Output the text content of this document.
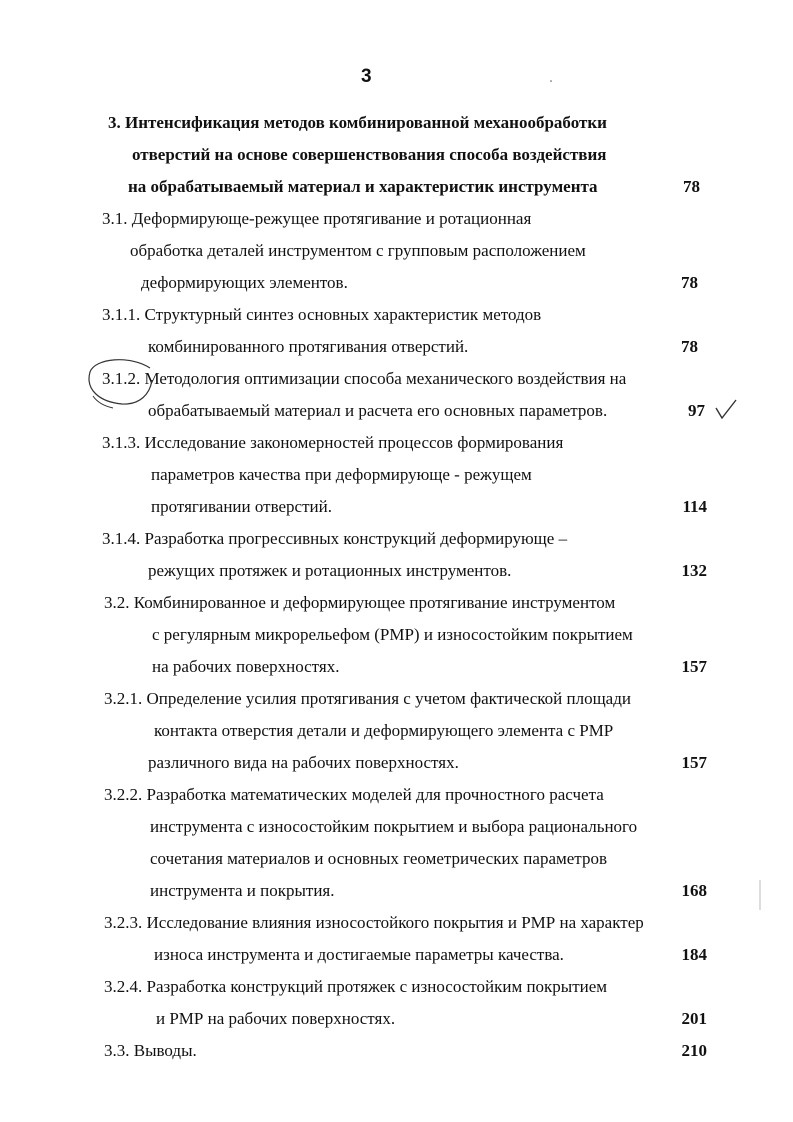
3
3. Интенсификация методов комбинированной механообработки
отверстий на основе совершенствования способа воздействия
на обрабатываемый материал и характеристик инструмента	78
3.1. Деформирующе-режущее протягивание и ротационная
обработка деталей инструментом с групповым расположением
деформирующих элементов.	78
3.1.1. Структурный синтез основных характеристик методов
комбинированного протягивания отверстий.	78
3.1.2. Методология оптимизации способа механического воздействия на
обрабатываемый материал и расчета его основных параметров.	97
3.1.3. Исследование закономерностей процессов формирования
параметров качества при деформирующе - режущем
протягивании отверстий.	114
3.1.4. Разработка прогрессивных конструкций деформирующе –
режущих протяжек и ротационных инструментов.	132
3.2. Комбинированное и деформирующее протягивание инструментом
с регулярным микрорельефом (РМР) и износостойким покрытием
на рабочих поверхностях.	157
3.2.1. Определение усилия протягивания с учетом фактической площади
контакта отверстия детали и деформирующего элемента с РМР
различного вида на рабочих поверхностях.	157
3.2.2. Разработка математических моделей для прочностного расчета
инструмента с износостойким покрытием и выбора рационального
сочетания материалов и основных геометрических параметров
инструмента и покрытия.	168
3.2.3. Исследование влияния износостойкого покрытия и РМР на характер
износа инструмента и достигаемые параметры качества.	184
3.2.4. Разработка конструкций протяжек с износостойким покрытием
и РМР на рабочих поверхностях.	201
3.3. Выводы.	210
